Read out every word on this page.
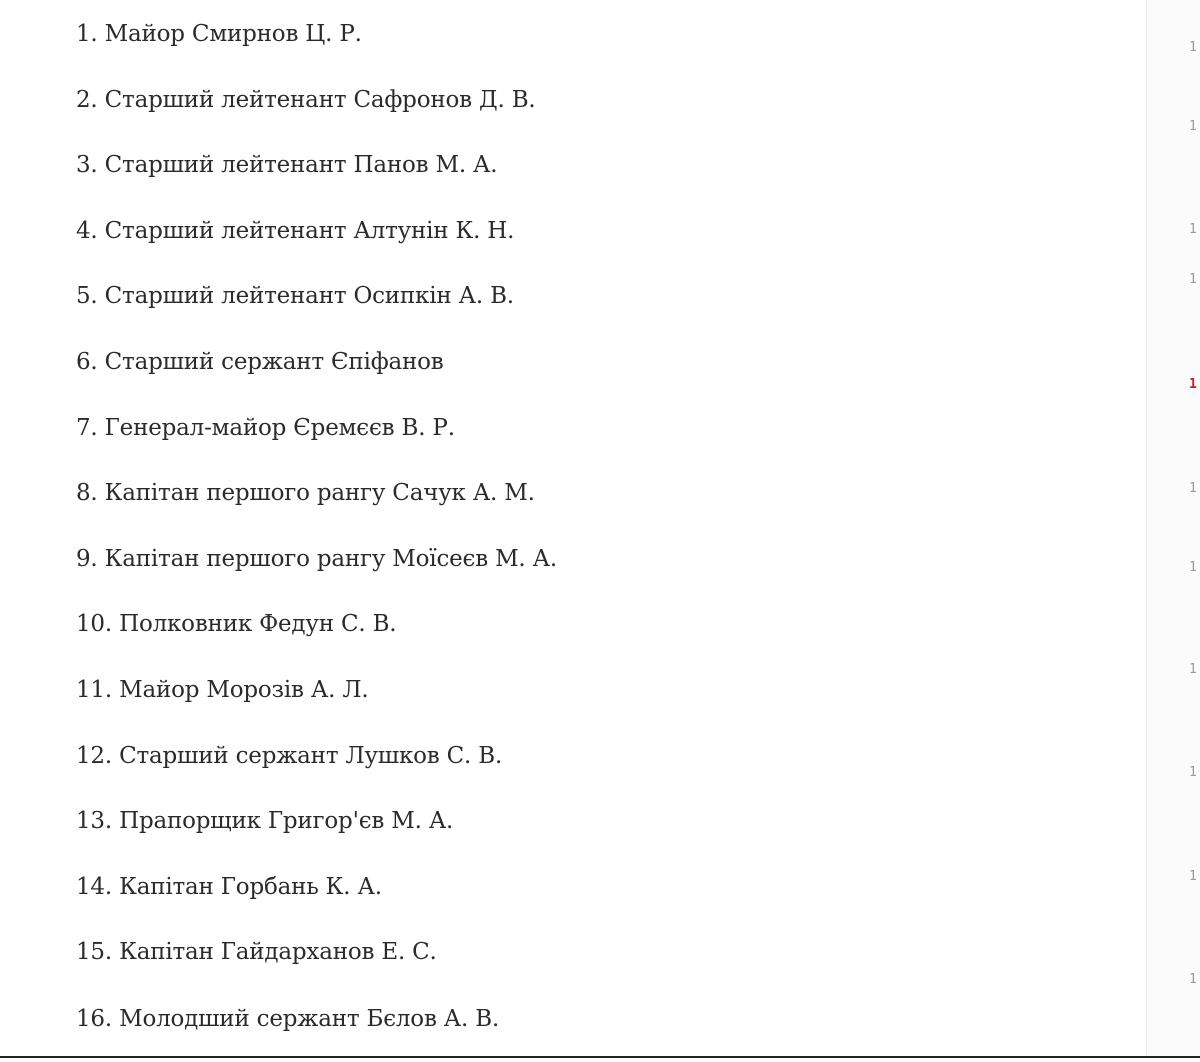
1. Майор Смирнов Ц. Р.
2. Старший лейтенант Сафронов Д. В.
3. Старший лейтенант Панов М. А.
4. Старший лейтенант Алтунін К. Н.
5. Старший лейтенант Осипкін А. В.
6. Старший сержант Єпіфанов
7. Генерал-майор Єремєєв В. Р.
8. Капітан першого рангу Сачук А. М.
9. Капітан першого рангу Моїсеєв М. А.
10. Полковник Федун С. В.
11. Майор Морозів А. Л.
12. Старший сержант Лушков С. В.
13. Прапорщик Григор'єв М. А.
14. Капітан Горбань К. А.
15. Капітан Гайдарханов Е. С.
16. Молодший сержант Бєлов А. В.
1
1
1
1
1
1
1
1
1
1
1
